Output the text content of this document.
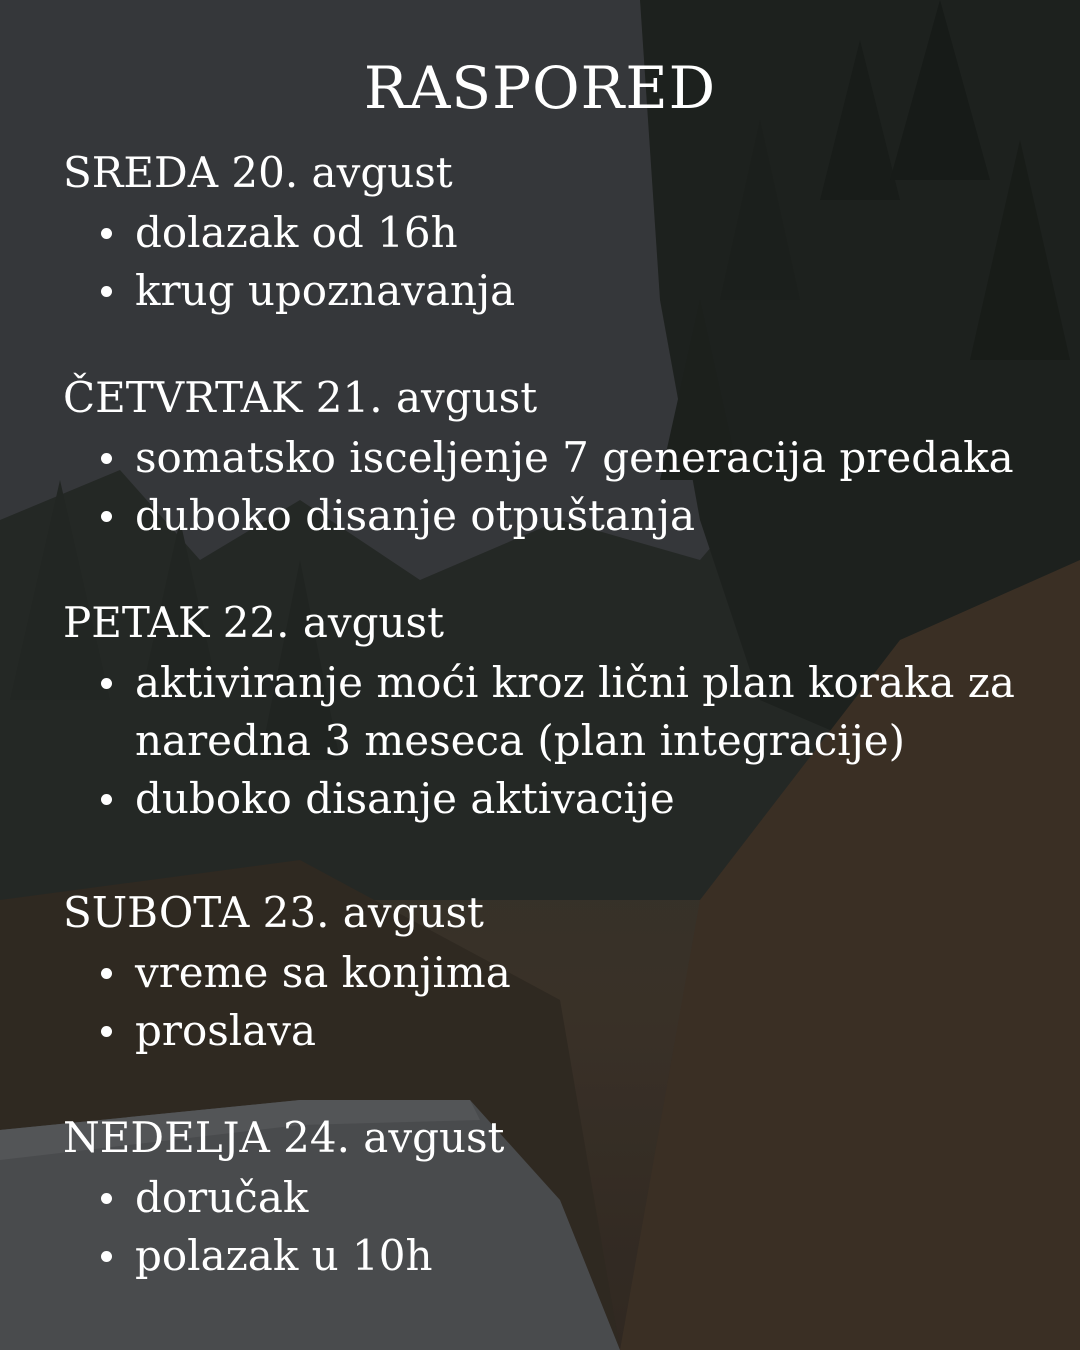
RASPORED

SREDA 20. avgust

dolazak od 16h
krug upoznavanja

ČETVRTAK 21. avgust

somatsko isceljenje 7 generacija predaka
duboko disanje otpuštanja

PETAK 22. avgust

aktiviranje moći kroz lični plan koraka za naredna 3 meseca (plan integracije)
duboko disanje aktivacije

SUBOTA 23. avgust

vreme sa konjima
proslava

NEDELJA 24. avgust

doručak
polazak u 10h
